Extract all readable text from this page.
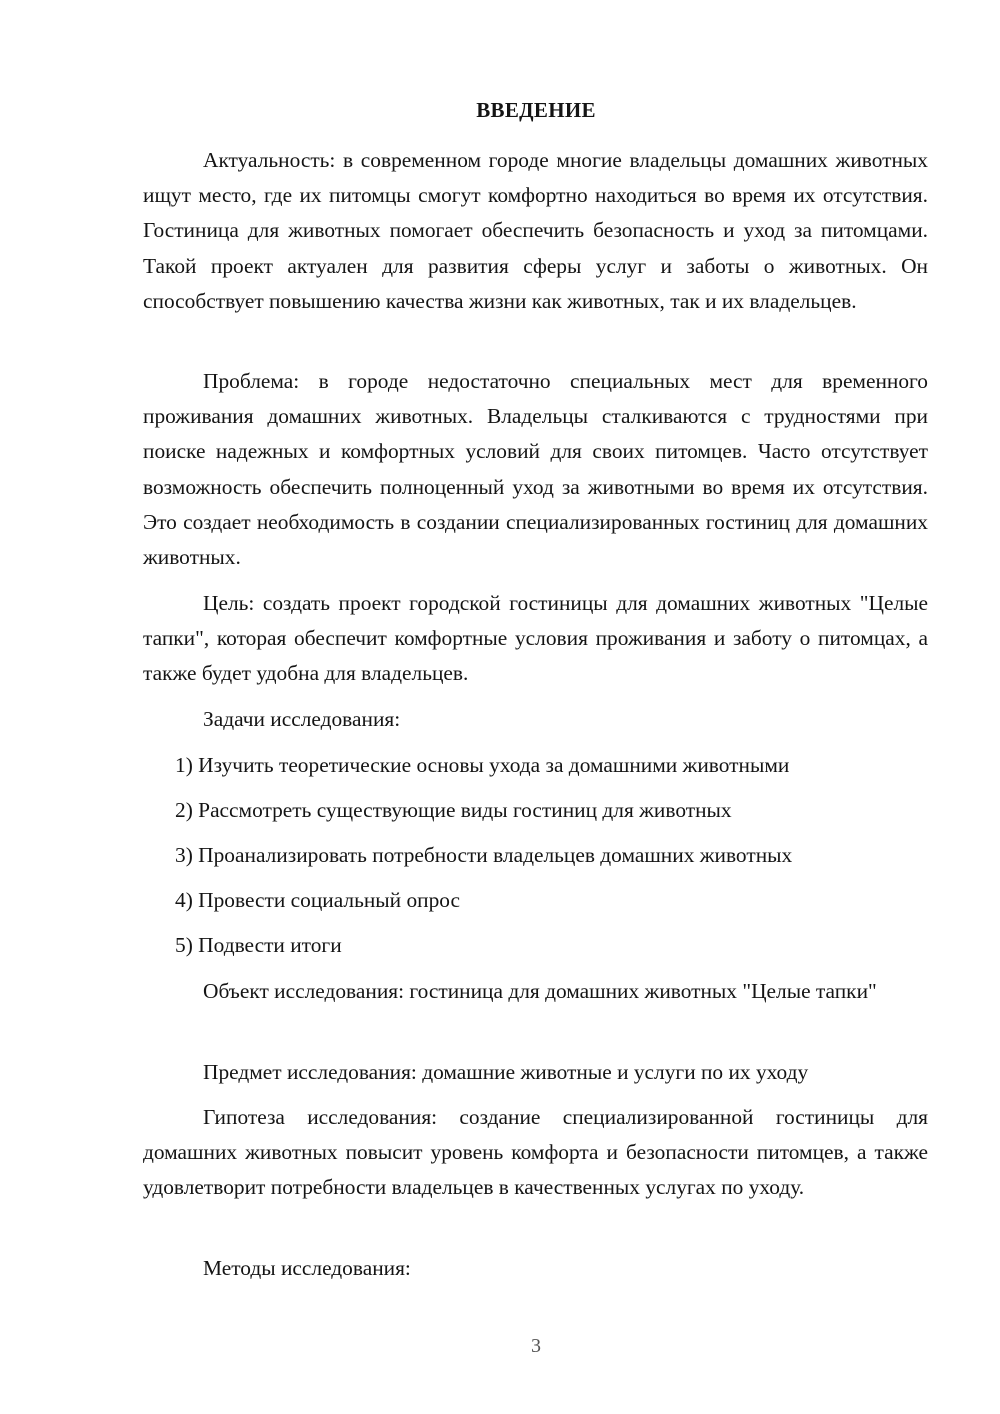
ВВЕДЕНИЕ

Актуальность: в современном городе многие владельцы домашних животных ищут место, где их питомцы смогут комфортно находиться во время их отсутствия. Гостиница для животных помогает обеспечить безопасность и уход за питомцами. Такой проект актуален для развития сферы услуг и заботы о животных. Он способствует повышению качества жизни как животных, так и их владельцев.

Проблема: в городе недостаточно специальных мест для временного проживания домашних животных. Владельцы сталкиваются с трудностями при поиске надежных и комфортных условий для своих питомцев. Часто отсутствует возможность обеспечить полноценный уход за животными во время их отсутствия. Это создает необходимость в создании специализированных гостиниц для домашних животных.

Цель: создать проект городской гостиницы для домашних животных "Целые тапки", которая обеспечит комфортные условия проживания и заботу о питомцах, а также будет удобна для владельцев.

Задачи исследования:

1) Изучить теоретические основы ухода за домашними животными

2) Рассмотреть существующие виды гостиниц для животных

3) Проанализировать потребности владельцев домашних животных

4) Провести социальный опрос

5) Подвести итоги

Объект исследования: гостиница для домашних животных "Целые тапки"

Предмет исследования: домашние животные и услуги по их уходу

Гипотеза исследования: создание специализированной гостиницы для домашних животных повысит уровень комфорта и безопасности питомцев, а также удовлетворит потребности владельцев в качественных услугах по уходу.

Методы исследования:

3
